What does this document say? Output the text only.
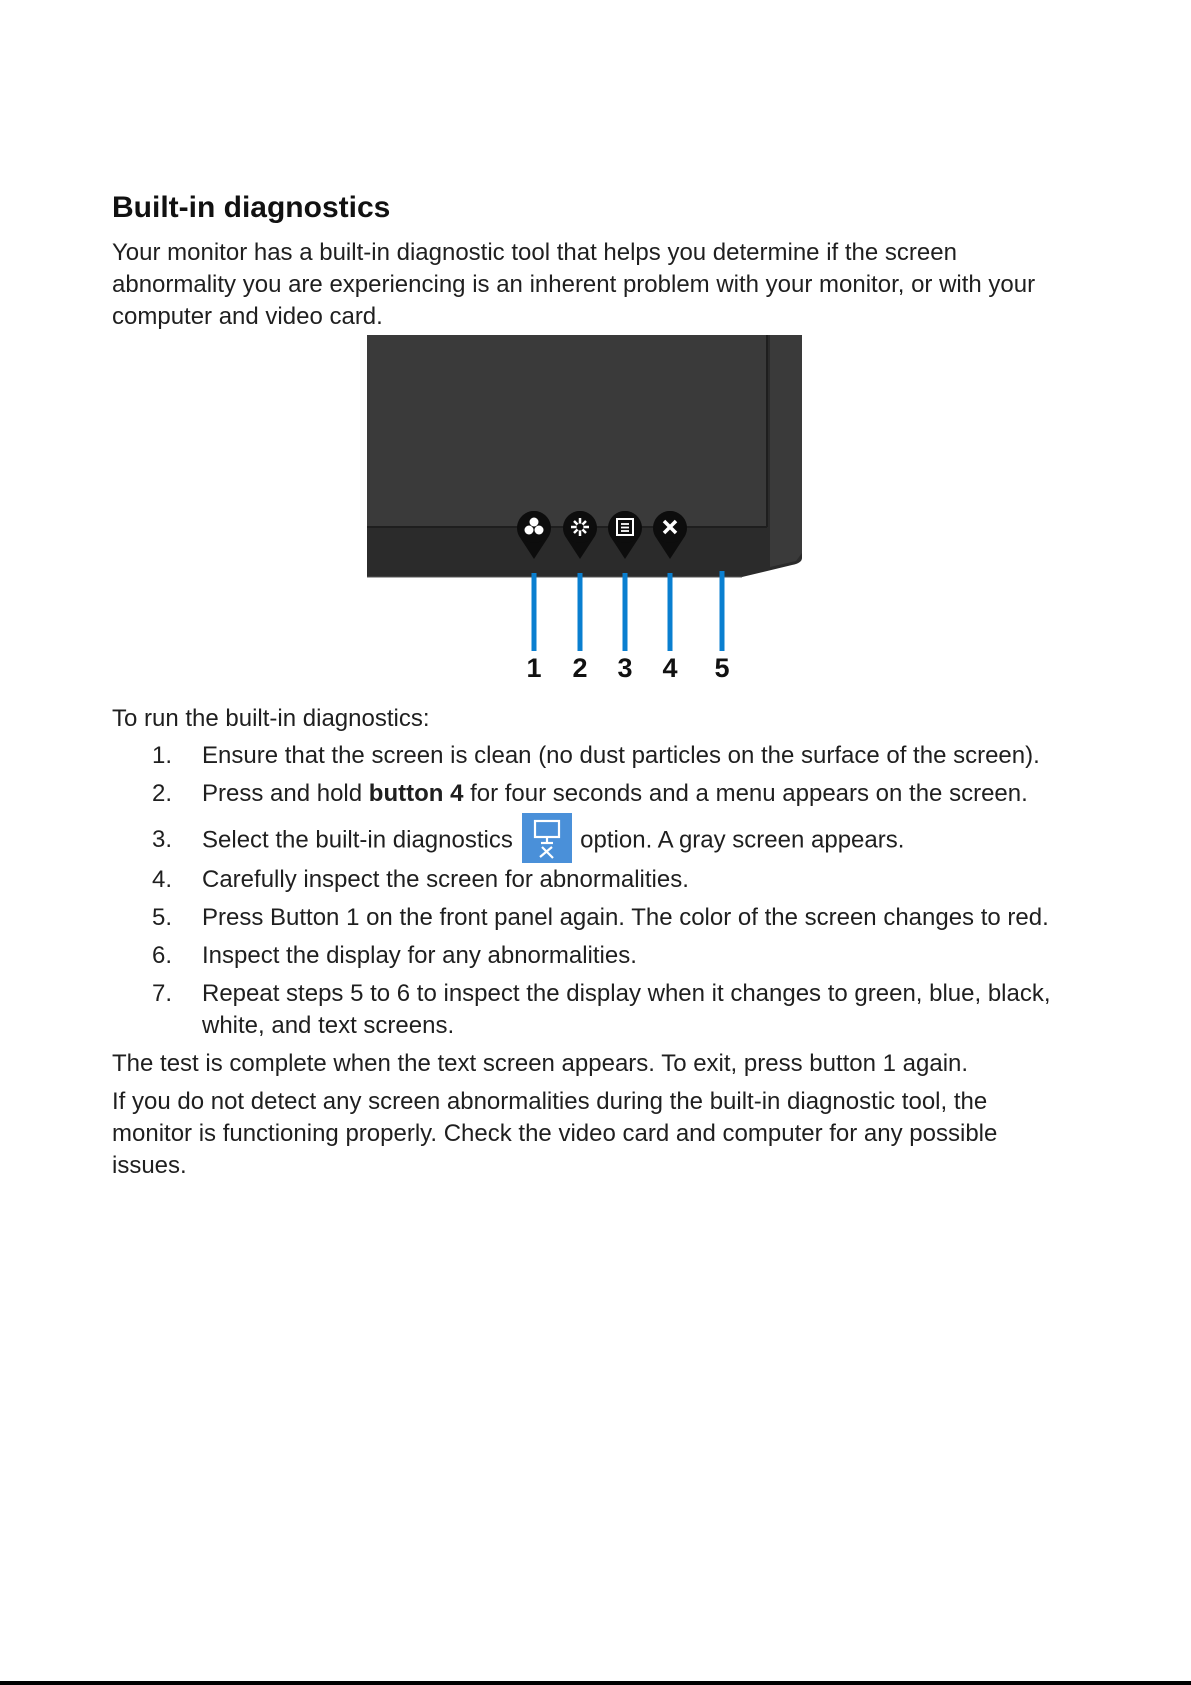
Built-in diagnostics

Your monitor has a built-in diagnostic tool that helps you determine if the screen abnormality you are experiencing is an inherent problem with your monitor, or with your computer and video card.

1 2 3 4 5

To run the built-in diagnostics:

1. Ensure that the screen is clean (no dust particles on the surface of the screen).
2. Press and hold button 4 for four seconds and a menu appears on the screen.
3. Select the built-in diagnostics  option. A gray screen appears.
4. Carefully inspect the screen for abnormalities.
5. Press Button 1 on the front panel again. The color of the screen changes to red.
6. Inspect the display for any abnormalities.
7. Repeat steps 5 to 6 to inspect the display when it changes to green, blue, black, white, and text screens.

The test is complete when the text screen appears. To exit, press button 1 again.

If you do not detect any screen abnormalities during the built-in diagnostic tool, the monitor is functioning properly. Check the video card and computer for any possible issues.
